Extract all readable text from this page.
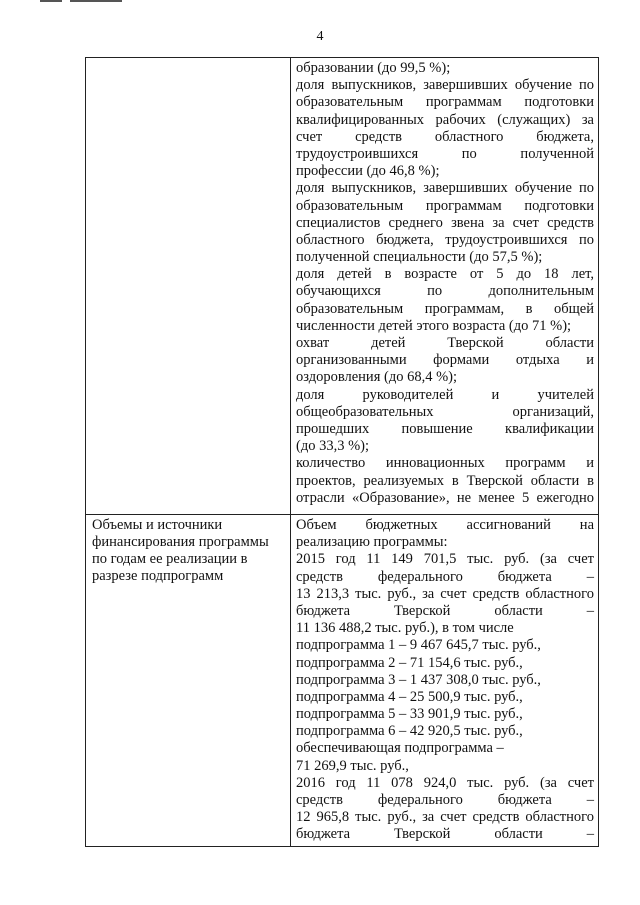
4
образовании (до 99,5 %);
доля выпускников, завершивших обучение по
образовательным программам подготовки
квалифицированных рабочих (служащих) за
счет средств областного бюджета,
трудоустроившихся по полученной
профессии (до 46,8 %);
доля выпускников, завершивших обучение по
образовательным программам подготовки
специалистов среднего звена за счет средств
областного бюджета, трудоустроившихся по
полученной специальности (до 57,5 %);
доля детей в возрасте от 5 до 18 лет,
обучающихся по дополнительным
образовательным программам, в общей
численности детей этого возраста (до 71 %);
охват детей Тверской области
организованными формами отдыха и
оздоровления (до 68,4 %);
доля руководителей и учителей
общеобразовательных организаций,
прошедших повышение квалификации
(до 33,3 %);
количество инновационных программ и
проектов, реализуемых в Тверской области в
отрасли «Образование», не менее 5 ежегодно
Объемы и источники
финансирования программы
по годам ее реализации в
разрезе подпрограмм
Объем бюджетных ассигнований на
реализацию программы:
2015 год 11 149 701,5 тыс. руб. (за счет
средств федерального бюджета –
13 213,3 тыс. руб., за счет средств областного
бюджета Тверской области –
11 136 488,2 тыс. руб.), в том числе
подпрограмма 1 – 9 467 645,7 тыс. руб.,
подпрограмма 2 – 71 154,6 тыс. руб.,
подпрограмма 3 – 1 437 308,0 тыс. руб.,
подпрограмма 4 – 25 500,9 тыс. руб.,
подпрограмма 5 – 33 901,9 тыс. руб.,
подпрограмма 6 – 42 920,5 тыс. руб.,
обеспечивающая подпрограмма –
71 269,9 тыс. руб.,
2016 год 11 078 924,0 тыс. руб. (за счет
средств федерального бюджета –
12 965,8 тыс. руб., за счет средств областного
бюджета Тверской области –
